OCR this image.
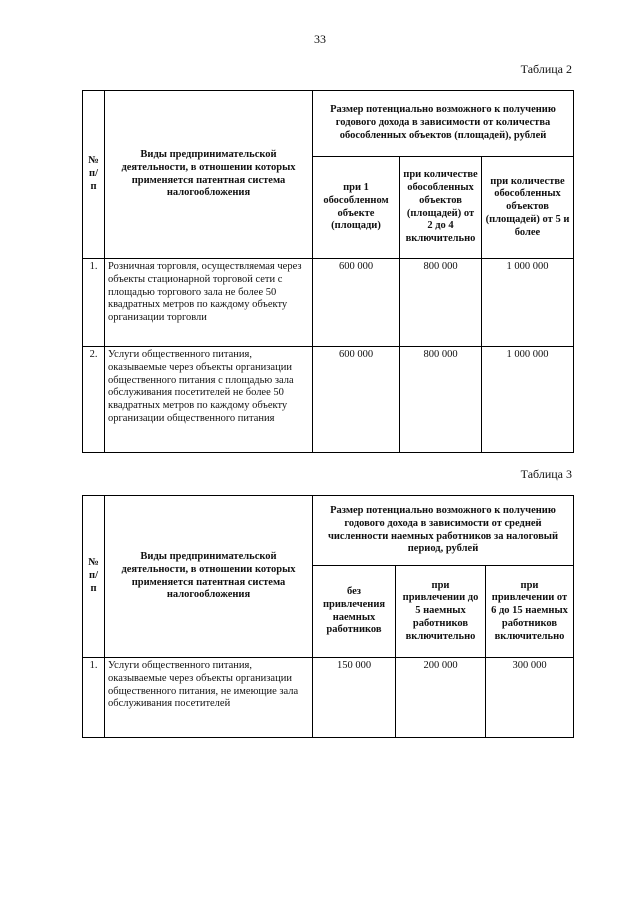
33
Таблица 2
№ п/п	Виды предпринимательской деятельности, в отношении которых применяется патентная система налогообложения	Размер потенциально возможного к получению годового дохода в зависимости от количества обособленных объектов (площадей), рублей		
		при 1 обособленном объекте (площади)	при количестве обособленных объектов (площадей) от 2 до 4 включительно	при количестве обособленных объектов (площадей) от 5 и более
1.	Розничная торговля, осуществляемая через объекты стационарной торговой сети с площадью торгового зала не более 50 квадратных метров по каждому объекту организации торговли	600 000	800 000	1 000 000
2.	Услуги общественного питания, оказываемые через объекты организации общественного питания с площадью зала обслуживания посетителей не более 50 квадратных метров по каждому объекту организации общественного питания	600 000	800 000	1 000 000
Таблица 3
№ п/п	Виды предпринимательской деятельности, в отношении которых применяется патентная система налогообложения	Размер потенциально возможного к получению годового дохода в зависимости от средней численности наемных работников за налоговый период, рублей		
		без привлечения наемных работников	при привлечении до 5 наемных работников включительно	при привлечении от 6 до 15 наемных работников включительно
1.	Услуги общественного питания, оказываемые через объекты организации общественного питания, не имеющие зала обслуживания посетителей	150 000	200 000	300 000
